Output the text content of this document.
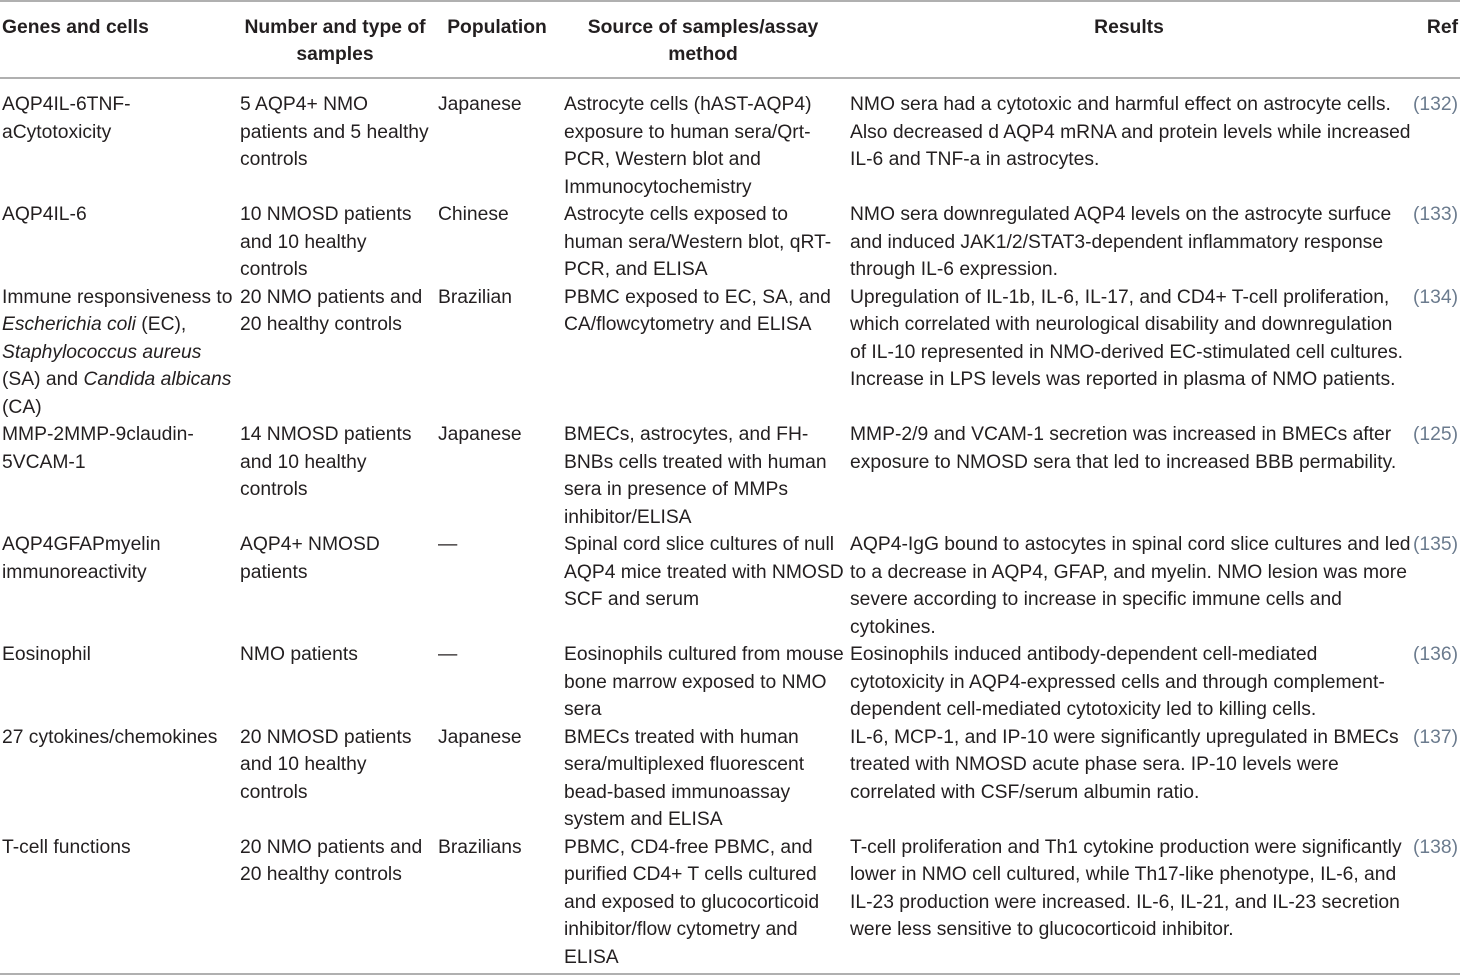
Genes and cells	Number and type of samples	Population	Source of samples/assay method	Results	Ref
AQP4IL-6TNF-aCytotoxicity	5 AQP4+ NMO patients and 5 healthy controls	Japanese	Astrocyte cells (hAST-AQP4) exposure to human sera/Qrt-PCR, Western blot and Immunocytochemistry	NMO sera had a cytotoxic and harmful effect on astrocyte cells. Also decreased d AQP4 mRNA and protein levels while increased IL-6 and TNF-a in astrocytes.	(132)
AQP4IL-6	10 NMOSD patients and 10 healthy controls	Chinese	Astrocyte cells exposed to human sera/Western blot, qRT-PCR, and ELISA	NMO sera downregulated AQP4 levels on the astrocyte surfuce and induced JAK1/2/STAT3-dependent inflammatory response through IL-6 expression.	(133)
Immune responsiveness to Escherichia coli (EC), Staphylococcus aureus (SA) and Candida albicans (CA)	20 NMO patients and 20 healthy controls	Brazilian	PBMC exposed to EC, SA, and CA/flowcytometry and ELISA	Upregulation of IL-1b, IL-6, IL-17, and CD4+ T-cell proliferation, which correlated with neurological disability and downregulation of IL-10 represented in NMO-derived EC-stimulated cell cultures. Increase in LPS levels was reported in plasma of NMO patients.	(134)
MMP-2MMP-9claudin-5VCAM-1	14 NMOSD patients and 10 healthy controls	Japanese	BMECs, astrocytes, and FH-BNBs cells treated with human sera in presence of MMPs inhibitor/ELISA	MMP-2/9 and VCAM-1 secretion was increased in BMECs after exposure to NMOSD sera that led to increased BBB permability.	(125)
AQP4GFAPmyelin immunoreactivity	AQP4+ NMOSD patients	—	Spinal cord slice cultures of null AQP4 mice treated with NMOSD SCF and serum	AQP4-IgG bound to astocytes in spinal cord slice cultures and led to a decrease in AQP4, GFAP, and myelin. NMO lesion was more severe according to increase in specific immune cells and cytokines.	(135)
Eosinophil	NMO patients	—	Eosinophils cultured from mouse bone marrow exposed to NMO sera	Eosinophils induced antibody-dependent cell-mediated cytotoxicity in AQP4-expressed cells and through complement-dependent cell-mediated cytotoxicity led to killing cells.	(136)
27 cytokines/chemokines	20 NMOSD patients and 10 healthy controls	Japanese	BMECs treated with human sera/multiplexed fluorescent bead-based immunoassay system and ELISA	IL-6, MCP-1, and IP-10 were significantly upregulated in BMECs treated with NMOSD acute phase sera. IP-10 levels were correlated with CSF/serum albumin ratio.	(137)
T-cell functions	20 NMO patients and 20 healthy controls	Brazilians	PBMC, CD4-free PBMC, and purified CD4+ T cells cultured and exposed to glucocorticoid inhibitor/flow cytometry and ELISA	T-cell proliferation and Th1 cytokine production were significantly lower in NMO cell cultured, while Th17-like phenotype, IL-6, and IL-23 production were increased. IL-6, IL-21, and IL-23 secretion were less sensitive to glucocorticoid inhibitor.	(138)
